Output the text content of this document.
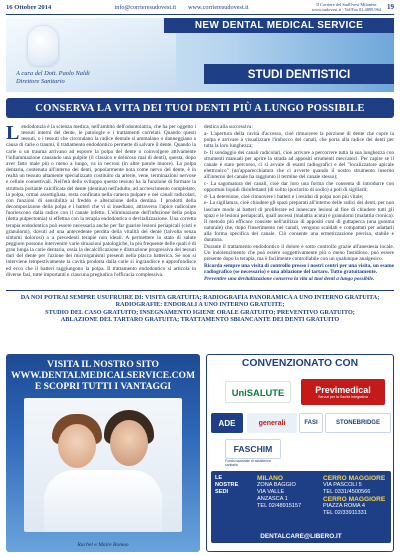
16 Ottobre 2014	info@corrieresudovest.it www.corrieresudovest.it	Il Corriere del SudOvest Milanese
www.sudovest.it - Tel/Fax 02.4899.964 19
A cura del Dott. Paolo Naldi
Direttore Sanitario
NEW DENTAL MEDICAL SERVICE
STUDI DENTISTICI
CONSERVA LA VITA DEI TUOI DENTI PIÙ A LUNGO POSSIBILE

Lendodonzia è la scienza medica, nell'ambito dell'odontoiatria, che ha per oggetto i tessuti interni del dente, le patologie e i trattamenti correlati. Quando questi tessuti, o i tessuti che circondano la radice dentale si ammalano o danneggiano a causa di carie o traumi, il trattamento endodontico permette di salvare il dente. Quando la carie o un trauma arrivano ad esporre la polpa del dente o coinvolgere attivamente l'infiammazione causando una pulpite (il classico e doloroso mal di denti), questa, dopo aver fatto male più o meno a lungo, va in necrosi (in altre parole muore). La polpa dentaria, contenuta all'interno dei denti, popolarmente nota come nervo del dente, è in realtà un tessuto altamente specializzato costituito da arterie, vene, terminazioni nervose e cellule connettivali. Nell'età dello sviluppo questo tessuto ha la funzione di formare la struttura portante calcificata del dente (dentina) nell'adulto, ad accrescimento completato, la polpa, ormai assottigliata, resta confinata nella camera pulpare e nei canali radicolari, con funzioni di sensibilità al freddo e alterazione della dentina. I prodotti della decomposizione della polpa e i batteri che vi si insediano, attraverso l'apice radicolare fuoriescono dalla radice con il canale infetto. L'eliminazione dell'infezione della polpa (detta pulpectomia) si effettua con la terapia endodontica o devitalizzazione. Una corretta terapia endodontica può essere necessaria anche per far guarire lesioni periapicali (cisti e granulomi), dovuti ad una antecedente perdita della vitalità del dente (talvolta senza sintomi dolorosi) o a precedenti terapie non ideali. A permettere lo stato di salute peggiore possono intervenire varie situazioni patologiche, la più frequente delle quali è di gran lunga la carie dentaria, ossia la decalcificazione e distruzione progressiva dei tessuti duri del dente per l'azione dei microrganismi presenti nella placca batterica. Se non si interviene tempestivamente la cavità prodotta dalla carie si ingrandisce e approfondisce ed ecco che il batteri raggiungono la polpa. Il trattamento endodontico si articola in diverse fasi, tutte importanti e ciascuna pregiudica l'efficacia complessiva.

destica alla successiva:

a- L'apertura della cavità d'accesso, cioè rimuovere la porzione di dente che copre la polpa e arrivare a visualizzare l'imbocco dei canali, che porta alla radice dei denti per tutta la loro lunghezza;

b- Il sondaggio dei canali radicolari, cioè arrivare a percorrere tutta la sua lunghezza con strumenti manuali per aprire la strada ad appositi strumenti meccanici. Per capire se il canale è stato percorso, ci si avvale di esami radiografici e del "localizzatore apicale elettronico" (un'apparecchiatura che ci avverte quando il nostro strumento inserito all'interno del canale ha raggiunto il termine del canale stesso);

c- La sagomatura dei canali, cioè dar loro una forma che consenta di introdurre con opportuni liquidi disinfettanti (di solito ipoclorito di sodio) a poli di sigillarli;

d- La detersione, cioè rimuovere i batteri e i residui di polpa non più vitale;

e- La sigillatura, cioè chiudere gli spazi preparati all'interno delle radici dei denti, per non lasciare modo ai batteri di proliferare ed innescare lesioni al fine di chiudere tutti gli spazi e le lesioni periapicali, quali ascessi (malattia acuta) e granulomi (malattia cronica). Il metodo più efficace consiste nell'utilizzo di appositi coni di guttaperca (una gomma naturale) che, dopo l'inserimento nei canali, vengono scaldati e compattati per adattarli alla forma specifica del canale. Ciò consente una ermetizzazione precisa, stabile e duratura.

Durante il trattamento endodontico il dolore è sotto controllo grazie all'anestesia locale. Un indolenzimento che può essere soggettivamente più o meno fastidioso, può essere presente dopo la terapia, ma è facilmente controllabile con un qualunque analgesico.

Ricorda sempre una visita di controllo presso i nostri centri per una visita, un esame radiografico (se necessario) e una ablazione del tartaro. Tutto gratuitamente.

Preventire una devitalizzazione conserva la vita ai tuoi denti a lungo possibile.

DA NOI POTRAI SEMPRE USUFRUIRE DI: VISITA GRATUITA; RADIOGRAFIA PANORAMICA A UNO INTERNO GRATUITA;
RADIOGRAFIE: ENDORALI A UNO INTERNO GRATUITE;
STUDIO DEL CASO GRATUITO; INSEGNAMENTO IGIENE ORALE GRATUITO; PREVENTIVO GRATUITO;
ABLAZIONE DEL TARTARO GRATUITA; TRATTAMENTO SBIANCANTE DEI DENTI GRATUITO
VISITA IL NOSTRO SITO
WWW.DENTALMEDICALSERVICE.COM
E SCOPRI TUTTI I VANTAGGI
Rachel e Maire Romeo
CONVENZIONATO CON
UniSALUTE	Previmedical
Servizi per la Sanità Integrativa
ADE	generali	FASI	STONEBRIDGE
FASCHIM
Fondo nazionale di assistenza sanitaria
LE NOSTRE
SEDI
MILANO
ZONA BAGGIO
VIA VALLE
ANZASCA 1
TEL 02/48915157
CERRO MAGGIORE
VIA PASCOLI 5
TEL 0331/4500566
CERRO MAGGIORE
PIAZZA ROMA 4
TEL 02/33911331
DENTALCARE@LIBERO.IT
